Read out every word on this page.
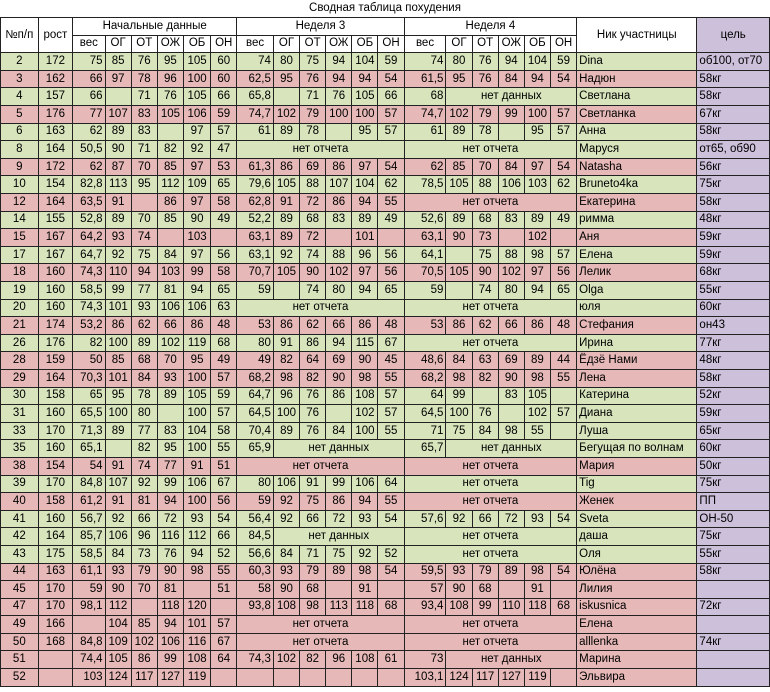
Сводная таблица похудения																					
№п/п	рост	Начальные данные						Неделя 3						Неделя 4						Ник участницы	цель
		вес	ОГ	ОТ	ОЖ	ОБ	ОН	вес	ОГ	ОТ	ОЖ	ОБ	ОН	вес	ОГ	ОТ	ОЖ	ОБ	ОН		
2	172	75	85	76	95	105	60	74	80	75	94	104	59	74	80	76	94	104	59	Dina	об100, от70
3	162	66	97	78	96	100	60	62,5	95	76	94	94	54	61,5	95	76	84	94	54	Надюн	58кг
4	157	66		71	76	105	66	65,8		71	76	105	66	68	нет данных					Светлана	58кг
5	176	77	107	83	105	106	59	74,7	102	79	100	100	57	74,7	102	79	99	100	57	Светланка	67кг
6	163	62	89	83		97	57	61	89	78		95	57	61	89	78		95	57	Анна	58кг
8	164	50,5	90	71	82	92	47	нет отчета						нет отчета						Маруся	от65, об90
9	172	62	87	70	85	97	53	61,3	86	69	86	97	54	62	85	70	84	97	54	Natasha	56кг
10	154	82,8	113	95	112	109	65	79,6	105	88	107	104	62	78,5	105	88	106	103	62	Bruneto4ka	75кг
12	164	63,5	91		86	97	58	62,8	91	72	86	94	55	нет отчета						Екатерина	58кг
14	155	52,8	89	70	85	90	49	52,2	89	68	83	89	49	52,6	89	68	83	89	49	римма	48кг
15	167	64,2	93	74		103		63,1	89	72		101		63,1	90	73		102		Аня	59кг
17	167	64,7	92	75	84	97	56	63,1	92	74	88	96	56	64,1		75	88	98	57	Елена	59кг
18	160	74,3	110	94	103	99	58	70,7	105	90	102	97	56	70,5	105	90	102	97	56	Лелик	68кг
19	160	58,5	99	77	81	94	65	59		74	80	94	65	59		74	80	94	65	Olga	55кг
20	160	74,3	101	93	106	106	63	нет отчета						нет отчета						юля	60кг
21	174	53,2	86	62	66	86	48	53	86	62	66	86	48	53	86	62	66	86	48	Стефания	он43
26	176	82	100	89	102	119	68	80	91	86	94	115	67	нет отчета						Ирина	77кг
28	159	50	85	68	70	95	49	49	82	64	69	90	45	48,6	84	63	69	89	44	Ёдзё Нами	48кг
29	164	70,3	101	84	93	100	57	68,2	98	82	90	98	55	68,2	98	82	90	98	55	Лена	58кг
30	158	65	95	78	89	105	59	64,7	96	76	86	108	57	64	99		83	105		Катерина	52кг
31	160	65,5	100	80		100	57	64,5	100	76		102	57	64,5	100	76		102	57	Диана	59кг
33	170	71,3	89	77	83	104	58	70,4	89	76	84	100	55	71	75	84	98	55		Луша	65кг
35	160	65,1		82	95	100	55	65,9	нет данных					65,7	нет данных					Бегущая по волнам	60кг
38	154	54	91	74	77	91	51	нет отчета						нет отчета						Мария	50кг
39	170	84,8	107	92	99	106	67	80	106	91	99	106	64	нет отчета						Tig	75кг
40	158	61,2	91	81	94	100	56	59	92	75	86	94	55	нет отчета						Женек	ПП
41	160	56,7	92	66	72	93	54	56,4	92	66	72	93	54	57,6	92	66	72	93	54	Sveta	ОН-50
42	164	85,7	106	96	116	112	66	84,5	нет данных					нет отчета						даша	75кг
43	175	58,5	84	73	76	94	52	56,6	84	71	75	92	52	нет отчета						Оля	55кг
44	163	61,1	93	79	90	98	55	60,3	93	79	89	98	54	59,5	93	79	89	98	54	Юлёна	58кг
45	170	59	90	70	81		51	58	90	68		91		57	90	68		91		Лилия	
47	170	98,1	112		118	120		93,8	108	98	113	118	68	93,4	108	99	110	118	68	iskusnica	72кг
49	166		104	85	94	101	57	нет отчета						нет отчета						Елена	
50	168	84,8	109	102	106	116	67	нет отчета						нет отчета						alllenka	74кг
51		74,4	105	86	99	108	64	74,3	102	82	96	108	61	73	нет данных					Марина	
52		103	124	117	127	119								103,1	124	117	127	119		Эльвира	
